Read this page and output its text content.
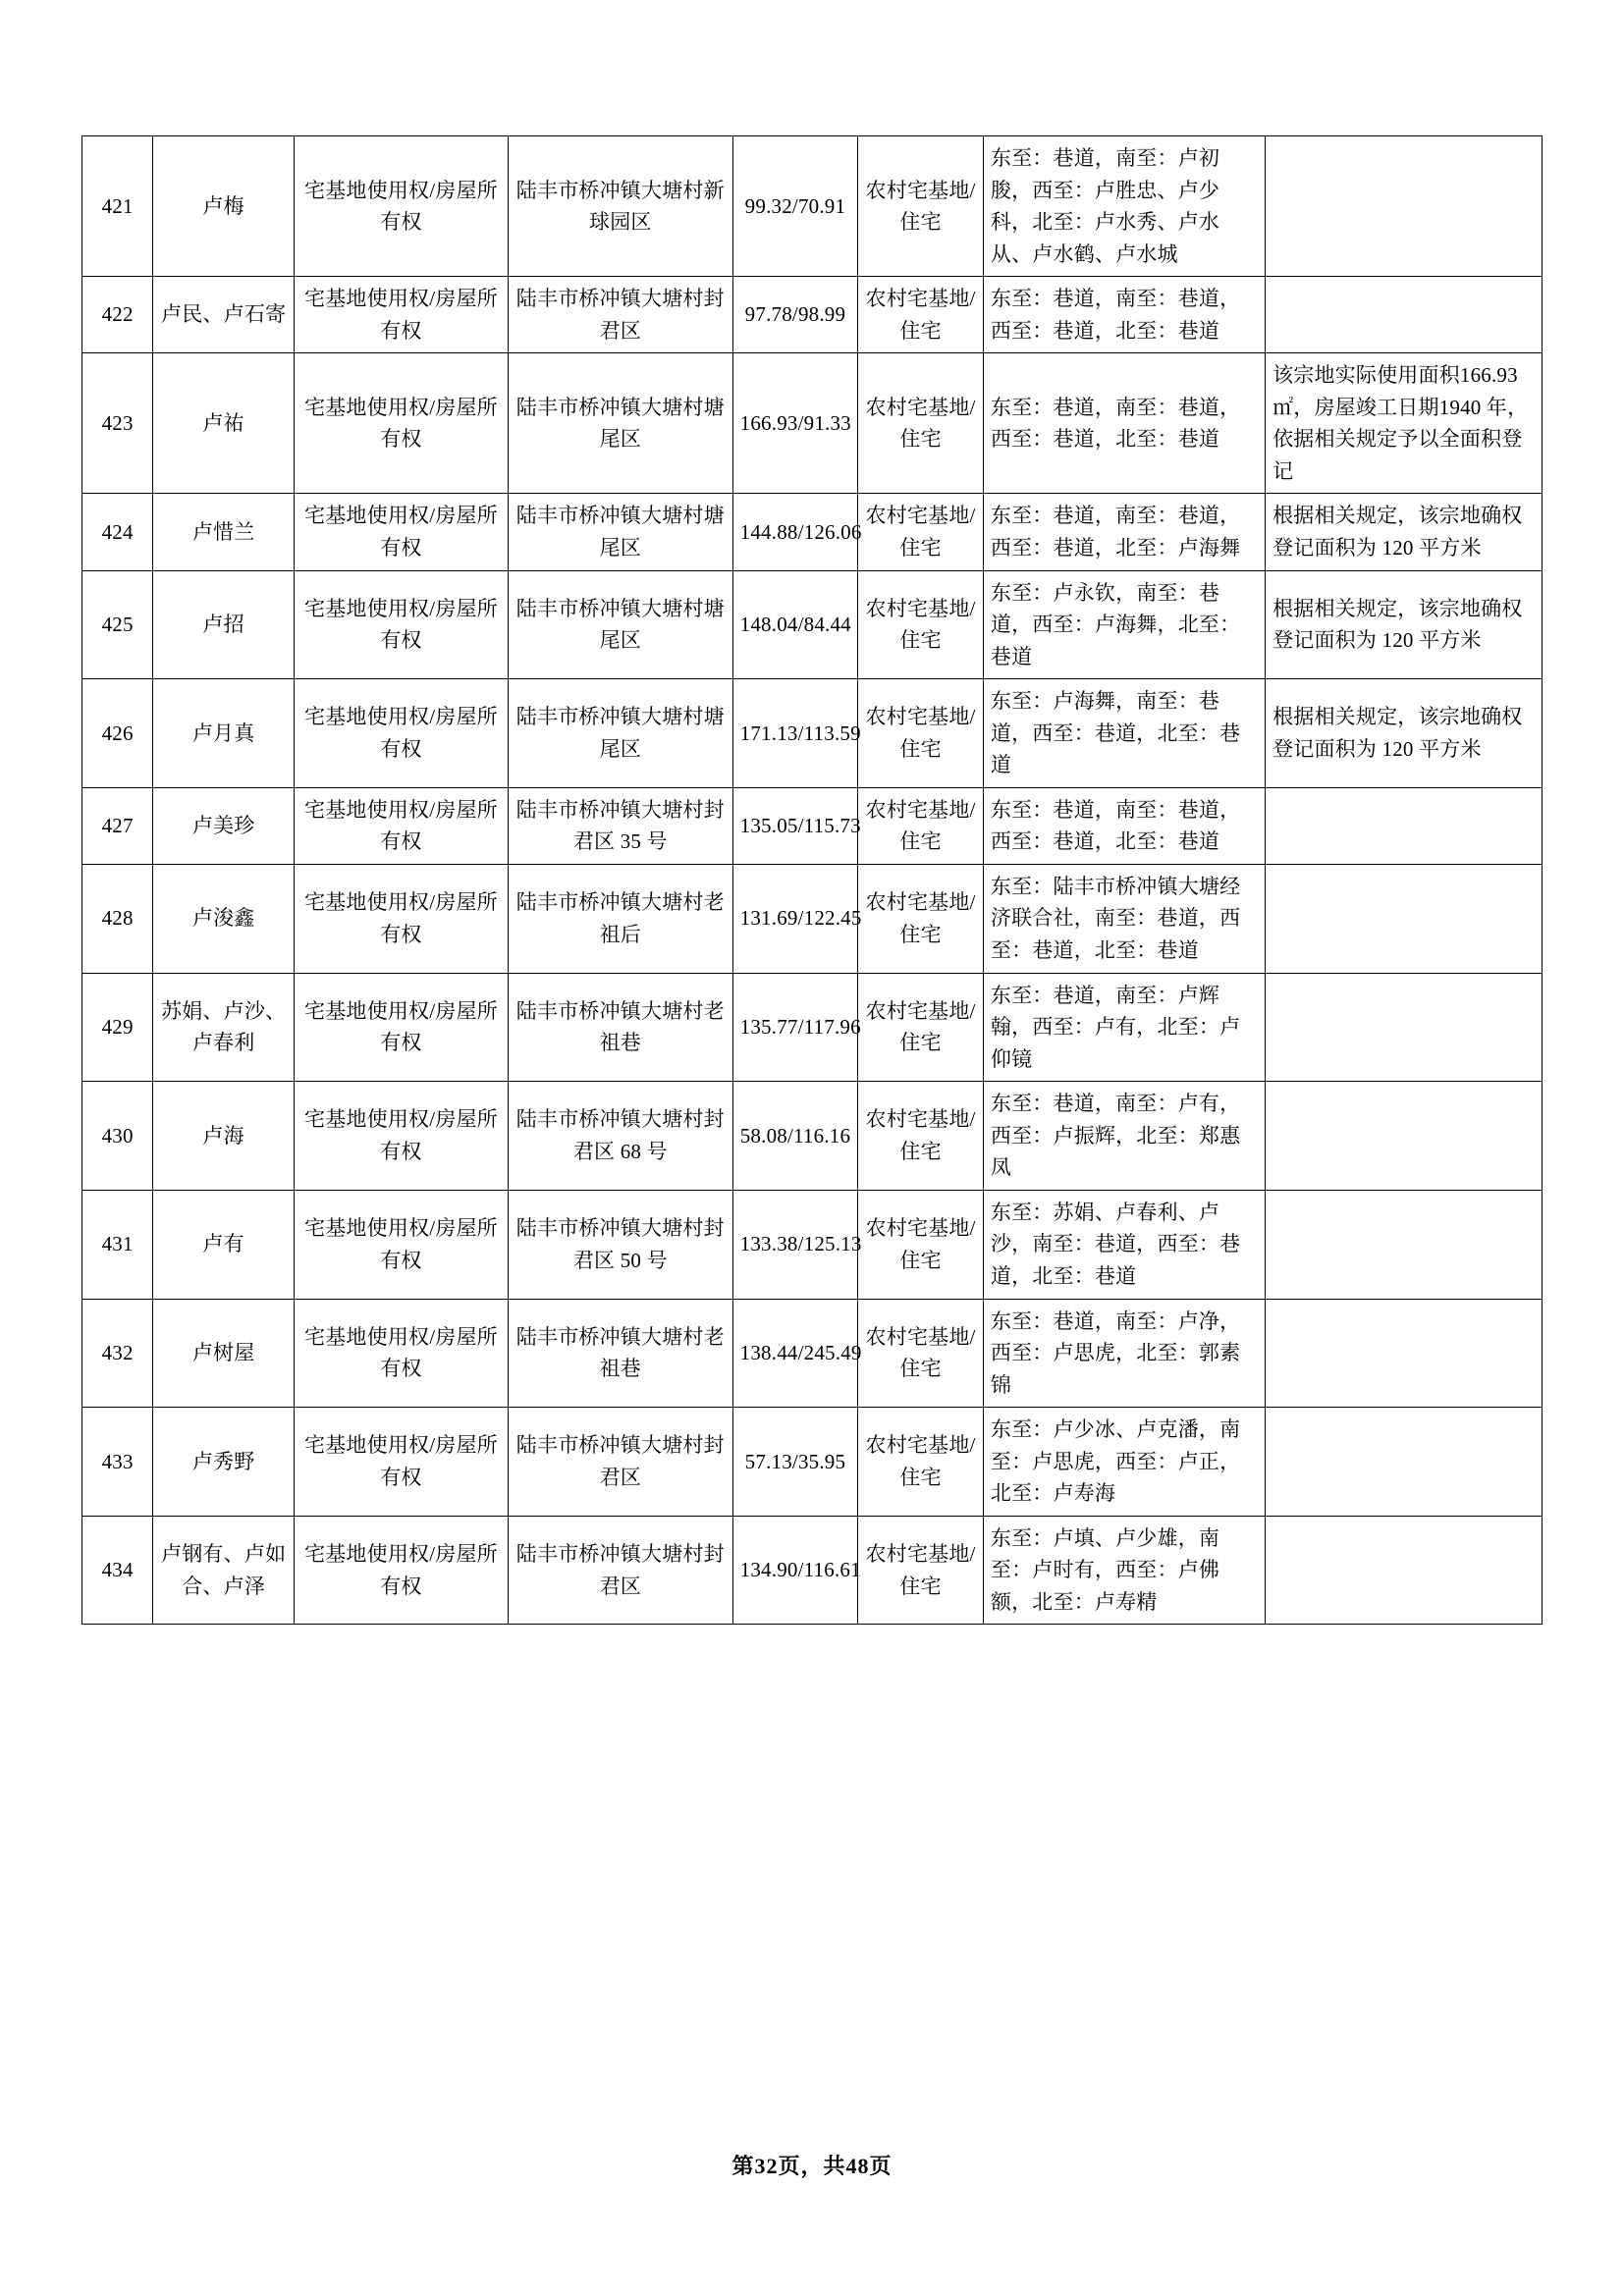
421	卢梅	宅基地使用权/房屋所有权	陆丰市桥冲镇大塘村新球园区	99.32/70.91	农村宅基地/住宅	东至：巷道，南至：卢初朘，西至：卢胜忠、卢少科，北至：卢水秀、卢水从、卢水鹤、卢水城	
422	卢民、卢石寄	宅基地使用权/房屋所有权	陆丰市桥冲镇大塘村封君区	97.78/98.99	农村宅基地/住宅	东至：巷道，南至：巷道，西至：巷道，北至：巷道	
423	卢祐	宅基地使用权/房屋所有权	陆丰市桥冲镇大塘村塘尾区	166.93/91.33	农村宅基地/住宅	东至：巷道，南至：巷道，西至：巷道，北至：巷道	该宗地实际使用面积166.93㎡，房屋竣工日期1940 年，依据相关规定予以全面积登记
424	卢惜兰	宅基地使用权/房屋所有权	陆丰市桥冲镇大塘村塘尾区	144.88/126.06	农村宅基地/住宅	东至：巷道，南至：巷道，西至：巷道，北至：卢海舞	根据相关规定，该宗地确权登记面积为 120 平方米
425	卢招	宅基地使用权/房屋所有权	陆丰市桥冲镇大塘村塘尾区	148.04/84.44	农村宅基地/住宅	东至：卢永钦，南至：巷道，西至：卢海舞，北至：巷道	根据相关规定，该宗地确权登记面积为 120 平方米
426	卢月真	宅基地使用权/房屋所有权	陆丰市桥冲镇大塘村塘尾区	171.13/113.59	农村宅基地/住宅	东至：卢海舞，南至：巷道，西至：巷道，北至：巷道	根据相关规定，该宗地确权登记面积为 120 平方米
427	卢美珍	宅基地使用权/房屋所有权	陆丰市桥冲镇大塘村封君区 35 号	135.05/115.73	农村宅基地/住宅	东至：巷道，南至：巷道，西至：巷道，北至：巷道	
428	卢浚鑫	宅基地使用权/房屋所有权	陆丰市桥冲镇大塘村老祖后	131.69/122.45	农村宅基地/住宅	东至：陆丰市桥冲镇大塘经济联合社，南至：巷道，西至：巷道，北至：巷道	
429	苏娟、卢沙、卢春利	宅基地使用权/房屋所有权	陆丰市桥冲镇大塘村老祖巷	135.77/117.96	农村宅基地/住宅	东至：巷道，南至：卢辉翰，西至：卢有，北至：卢仰镜	
430	卢海	宅基地使用权/房屋所有权	陆丰市桥冲镇大塘村封君区 68 号	58.08/116.16	农村宅基地/住宅	东至：巷道，南至：卢有，西至：卢振辉，北至：郑惠凤	
431	卢有	宅基地使用权/房屋所有权	陆丰市桥冲镇大塘村封君区 50 号	133.38/125.13	农村宅基地/住宅	东至：苏娟、卢春利、卢沙，南至：巷道，西至：巷道，北至：巷道	
432	卢树屋	宅基地使用权/房屋所有权	陆丰市桥冲镇大塘村老祖巷	138.44/245.49	农村宅基地/住宅	东至：巷道，南至：卢净，西至：卢思虎，北至：郭素锦	
433	卢秀野	宅基地使用权/房屋所有权	陆丰市桥冲镇大塘村封君区	57.13/35.95	农村宅基地/住宅	东至：卢少冰、卢克潘，南至：卢思虎，西至：卢正，北至：卢寿海	
434	卢钢有、卢如合、卢泽	宅基地使用权/房屋所有权	陆丰市桥冲镇大塘村封君区	134.90/116.61	农村宅基地/住宅	东至：卢填、卢少雄，南至：卢时有，西至：卢佛额，北至：卢寿精	
第32页，共48页
